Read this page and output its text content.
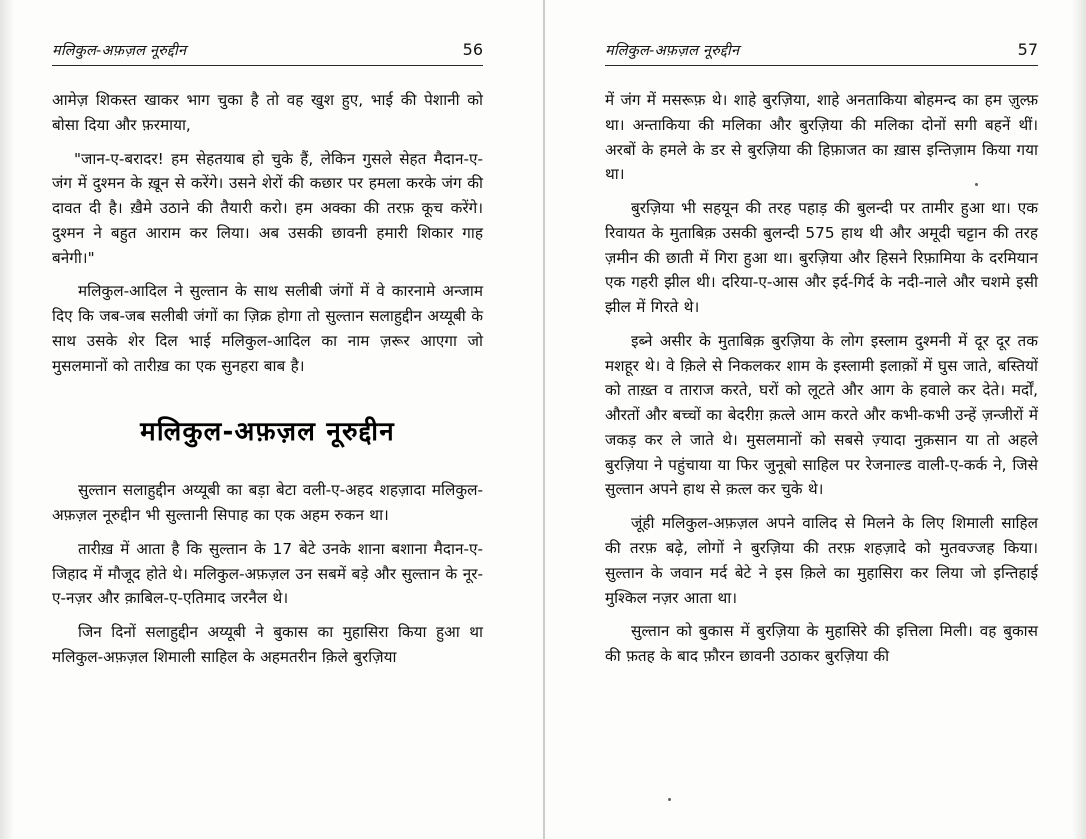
मलिकुल-अफ़ज़ल नूरुद्दीन	56

आमेज़ शिकस्त खाकर भाग चुका है तो वह खुश हुए, भाई की पेशानी को बोसा दिया और फ़रमाया,

"जान-ए-बरादर! हम सेहतयाब हो चुके हैं, लेकिन गुसले सेहत मैदान-ए-जंग में दुश्मन के ख़ून से करेंगे। उसने शेरों की कछार पर हमला करके जंग की दावत दी है। ख़ैमे उठाने की तैयारी करो। हम अक्का की तरफ़ कूच करेंगे। दुश्मन ने बहुत आराम कर लिया। अब उसकी छावनी हमारी शिकार गाह बनेगी।"

मलिकुल-आदिल ने सुल्तान के साथ सलीबी जंगों में वे कारनामे अन्जाम दिए कि जब-जब सलीबी जंगों का ज़िक्र होगा तो सुल्तान सलाहुद्दीन अय्यूबी के साथ उसके शेर दिल भाई मलिकुल-आदिल का नाम ज़रूर आएगा जो मुसलमानों को तारीख़ का एक सुनहरा बाब है।

मलिकुल-अफ़ज़ल नूरुद्दीन

सुल्तान सलाहुद्दीन अय्यूबी का बड़ा बेटा वली-ए-अहद शहज़ादा मलिकुल-अफ़ज़ल नूरुद्दीन भी सुल्तानी सिपाह का एक अहम रुकन था।

तारीख़ में आता है कि सुल्तान के 17 बेटे उनके शाना बशाना मैदान-ए-जिहाद में मौजूद होते थे। मलिकुल-अफ़ज़ल उन सबमें बड़े और सुल्तान के नूर-ए-नज़र और क़ाबिल-ए-एतिमाद जरनैल थे।

जिन दिनों सलाहुद्दीन अय्यूबी ने बुकास का मुहासिरा किया हुआ था मलिकुल-अफ़ज़ल शिमाली साहिल के अहमतरीन क़िले बुरज़िया

मलिकुल-अफ़ज़ल नूरुद्दीन	57

में जंग में मसरूफ़ थे। शाहे बुरज़िया, शाहे अनताकिया बोहमन्द का हम ज़ुल्फ़ था। अन्ताकिया की मलिका और बुरज़िया की मलिका दोनों सगी बहनें थीं। अरबों के हमले के डर से बुरज़िया की हिफ़ाजत का ख़ास इन्तिज़ाम किया गया था।

बुरज़िया भी सहयून की तरह पहाड़ की बुलन्दी पर तामीर हुआ था। एक रिवायत के मुताबिक़ उसकी बुलन्दी 575 हाथ थी और अमूदी चट्टान की तरह ज़मीन की छाती में गिरा हुआ था। बुरज़िया और हिसने रिफ़ामिया के दरमियान एक गहरी झील थी। दरिया-ए-आस और इर्द-गिर्द के नदी-नाले और चशमे इसी झील में गिरते थे।

इब्ने असीर के मुताबिक़ बुरज़िया के लोग इस्लाम दुश्मनी में दूर दूर तक मशहूर थे। वे क़िले से निकलकर शाम के इस्लामी इलाक़ों में घुस जाते, बस्तियों को ताख़्त व ताराज करते, घरों को लूटते और आग के हवाले कर देते। मर्दों, औरतों और बच्चों का बेदरीग़ क़त्ले आम करते और कभी-कभी उन्हें ज़न्जीरों में जकड़ कर ले जाते थे। मुसलमानों को सबसे ज़्यादा नुक़सान या तो अहले बुरज़िया ने पहुंचाया या फिर जुनूबो साहिल पर रेजनाल्ड वाली-ए-कर्क ने, जिसे सुल्तान अपने हाथ से क़त्ल कर चुके थे।

जूंही मलिकुल-अफ़ज़ल अपने वालिद से मिलने के लिए शिमाली साहिल की तरफ़ बढ़े, लोगों ने बुरज़िया की तरफ़ शहज़ादे को मुतवज्जह किया। सुल्तान के जवान मर्द बेटे ने इस क़िले का मुहासिरा कर लिया जो इन्तिहाई मुश्किल नज़र आता था।

सुल्तान को बुकास में बुरज़िया के मुहासिरे की इत्तिला मिली। वह बुकास की फ़तह के बाद फ़ौरन छावनी उठाकर बुरज़िया की
